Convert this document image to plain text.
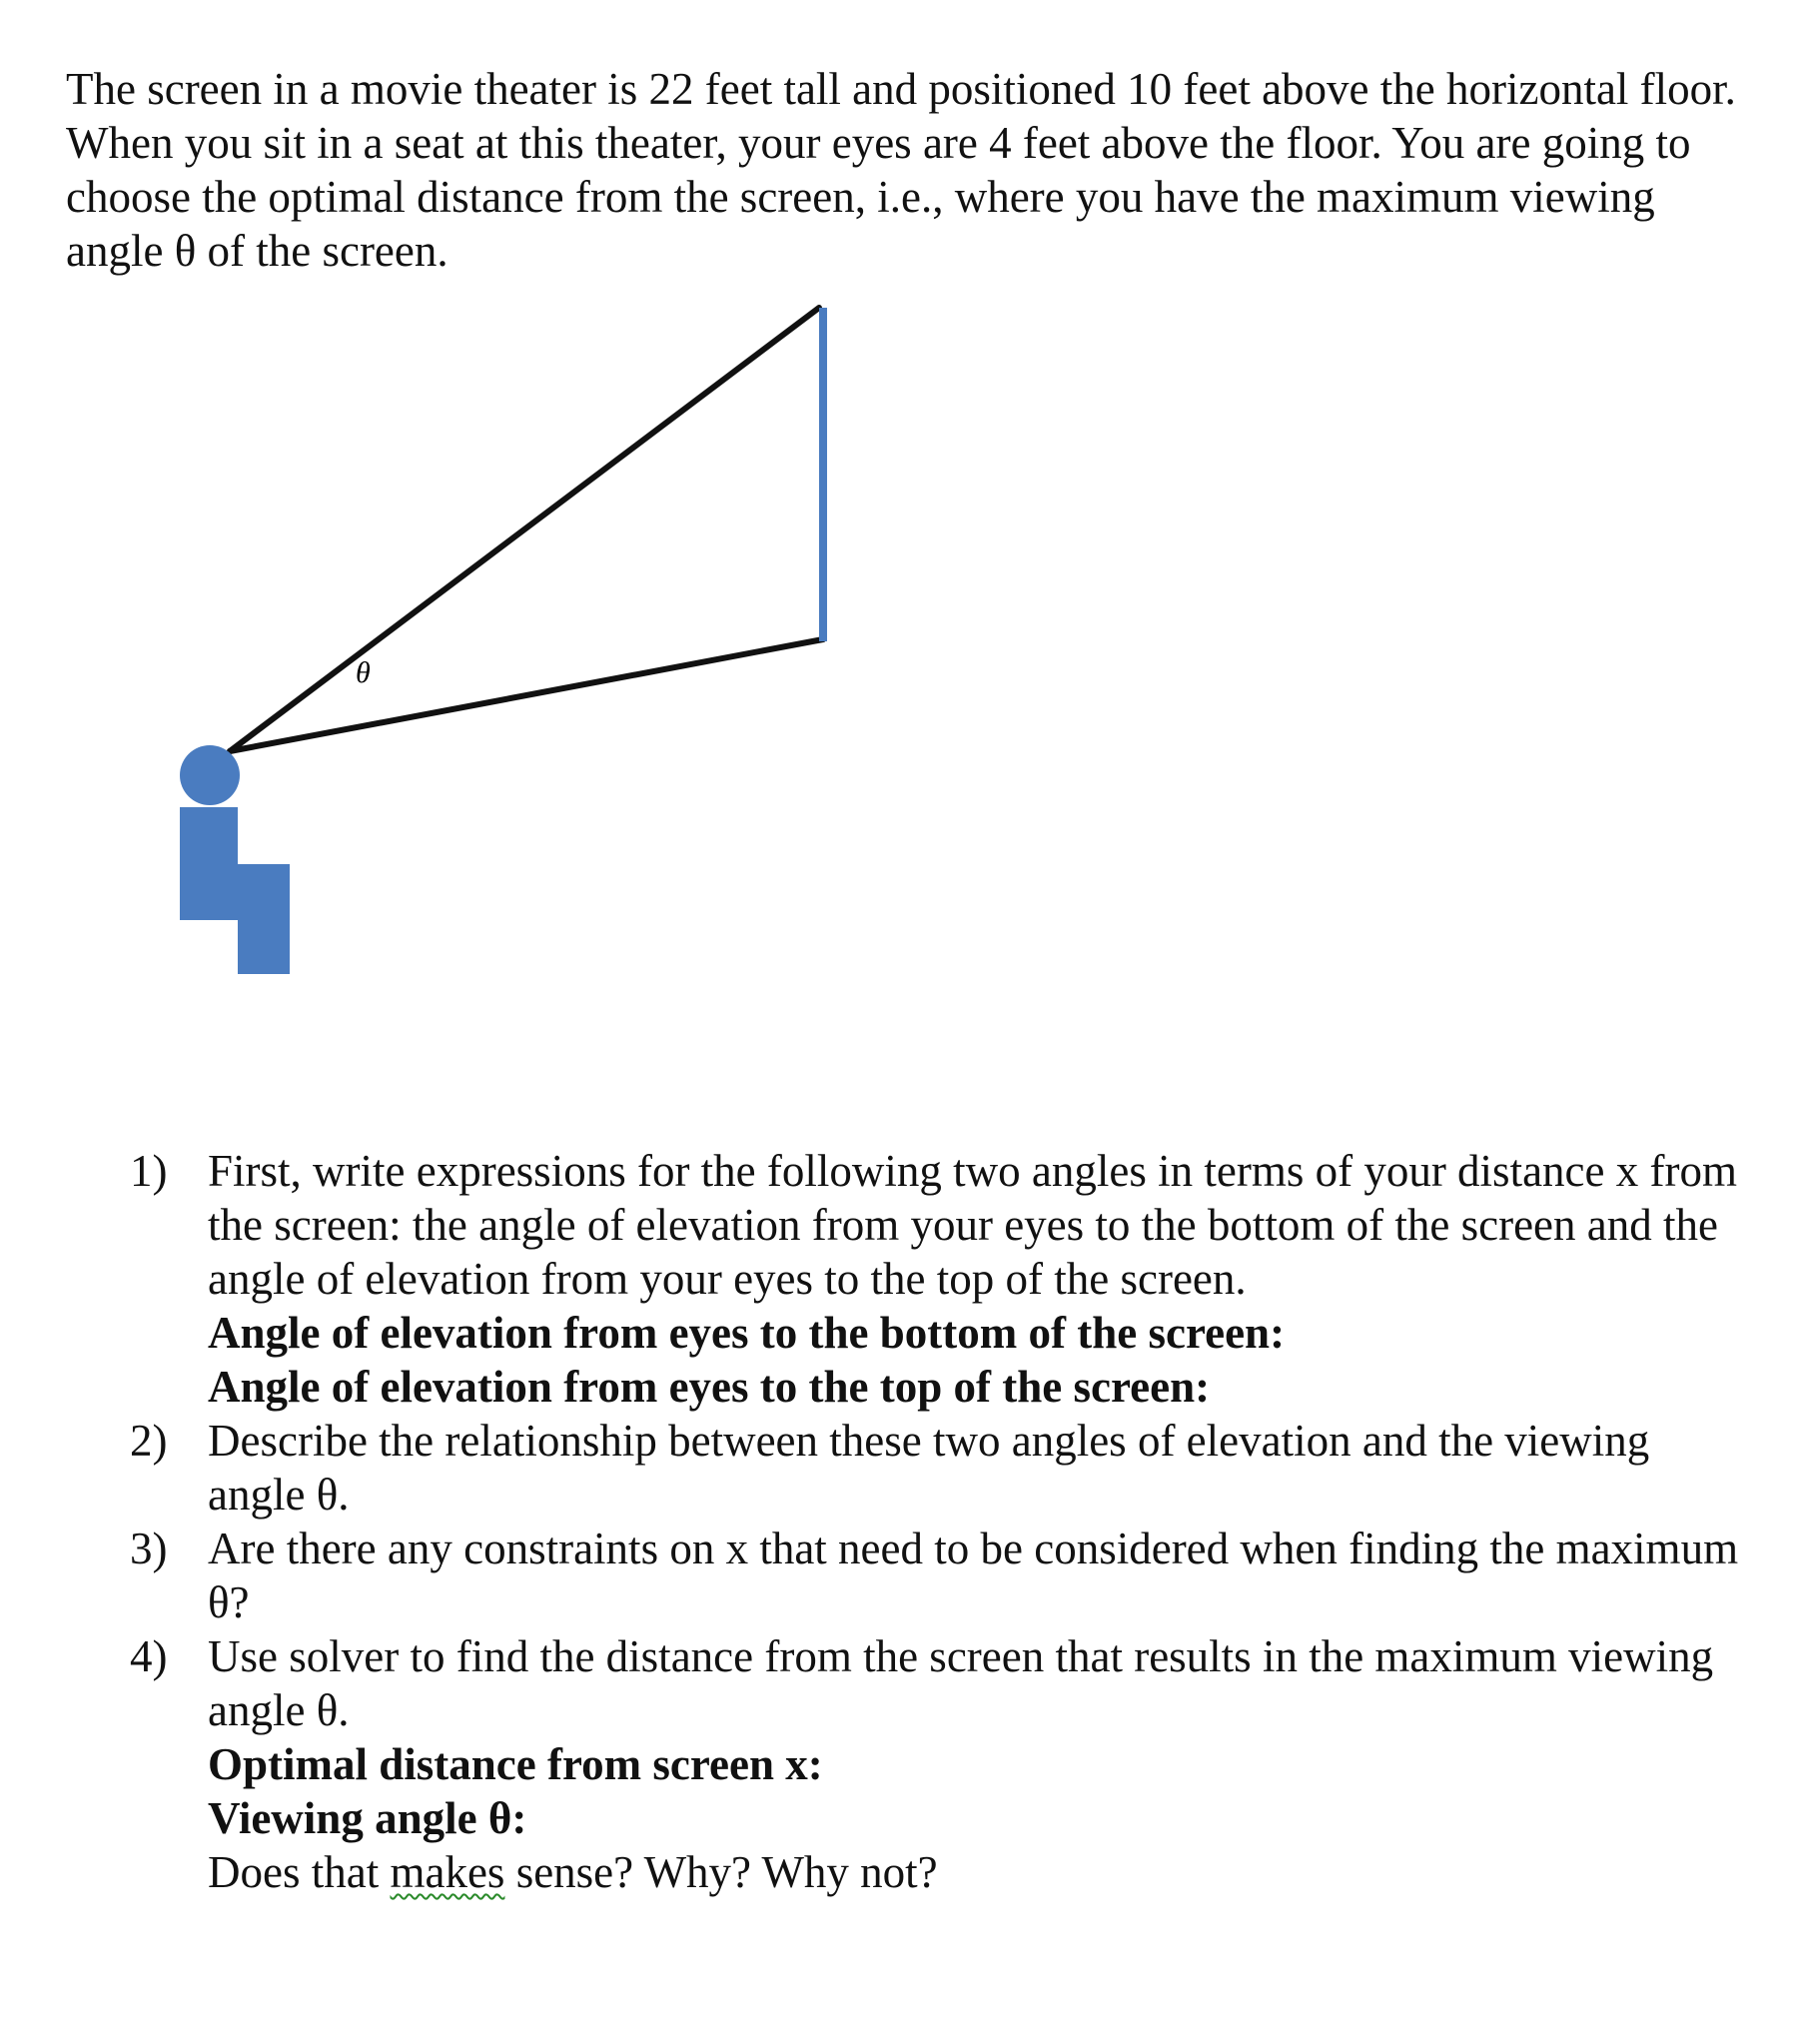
The screen in a movie theater is 22 feet tall and positioned 10 feet above the horizontal floor. When you sit in a seat at this theater, your eyes are 4 feet above the floor. You are going to choose the optimal distance from the screen, i.e., where you have the maximum viewing angle θ of the screen.

θ
1) First, write expressions for the following two angles in terms of your distance x from the screen: the angle of elevation from your eyes to the bottom of the screen and the angle of elevation from your eyes to the top of the screen.
Angle of elevation from eyes to the bottom of the screen:
Angle of elevation from eyes to the top of the screen:
2) Describe the relationship between these two angles of elevation and the viewing angle θ.
3) Are there any constraints on x that need to be considered when finding the maximum θ?
4) Use solver to find the distance from the screen that results in the maximum viewing angle θ.
Optimal distance from screen x:
Viewing angle θ:
Does that makes sense? Why? Why not?
